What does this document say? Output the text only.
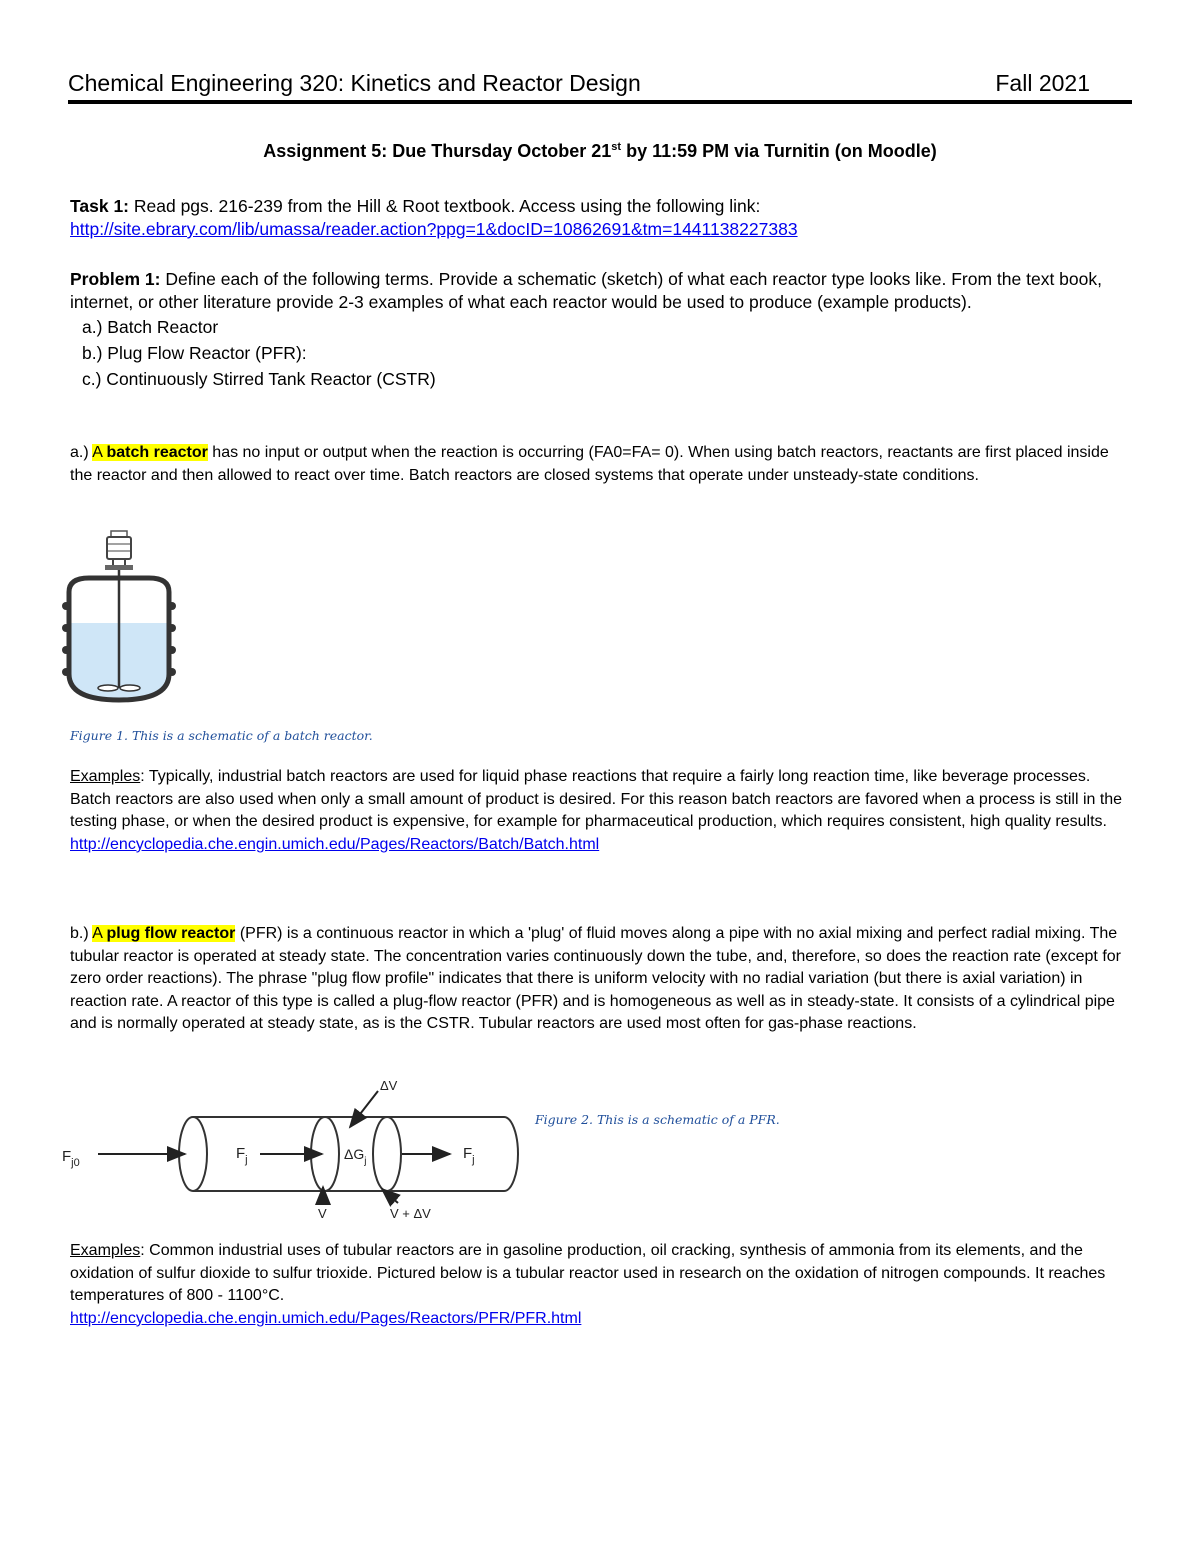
Chemical Engineering 320: Kinetics and Reactor Design	Fall 2021
Assignment 5: Due Thursday October 21st by 11:59 PM via Turnitin (on Moodle)
Task 1: Read pgs. 216-239 from the Hill & Root textbook. Access using the following link:
http://site.ebrary.com/lib/umassa/reader.action?ppg=1&docID=10862691&tm=1441138227383
Problem 1: Define each of the following terms. Provide a schematic (sketch) of what each reactor type looks like. From the text book, internet, or other literature provide 2-3 examples of what each reactor would be used to produce (example products).
a.) Batch Reactor
b.) Plug Flow Reactor (PFR):
c.) Continuously Stirred Tank Reactor (CSTR)
a.) A batch reactor has no input or output when the reaction is occurring (FA0=FA= 0). When using batch reactors, reactants are first placed inside the reactor and then allowed to react over time. Batch reactors are closed systems that operate under unsteady-state conditions.
Figure 1. This is a schematic of a batch reactor.
Examples: Typically, industrial batch reactors are used for liquid phase reactions that require a fairly long reaction time, like beverage processes. Batch reactors are also used when only a small amount of product is desired. For this reason batch reactors are favored when a process is still in the testing phase, or when the desired product is expensive, for example for pharmaceutical production, which requires consistent, high quality results.
http://encyclopedia.che.engin.umich.edu/Pages/Reactors/Batch/Batch.html
b.) A plug flow reactor (PFR) is a continuous reactor in which a 'plug' of fluid moves along a pipe with no axial mixing and perfect radial mixing. The tubular reactor is operated at steady state. The concentration varies continuously down the tube, and, therefore, so does the reaction rate (except for zero order reactions). The phrase "plug flow profile" indicates that there is uniform velocity with no radial variation (but there is axial variation) in reaction rate. A reactor of this type is called a plug-flow reactor (PFR) and is homogeneous as well as in steady-state. It consists of a cylindrical pipe and is normally operated at steady state, as is the CSTR. Tubular reactors are used most often for gas-phase reactions.
$F_{j0}$
$F_j$	$\Delta G_j$	$F_j$
ΔV
V	V + ΔV
Figure 2. This is a schematic of a PFR.
Examples: Common industrial uses of tubular reactors are in gasoline production, oil cracking, synthesis of ammonia from its elements, and the oxidation of sulfur dioxide to sulfur trioxide. Pictured below is a tubular reactor used in research on the oxidation of nitrogen compounds. It reaches temperatures of 800 - 1100°C.
http://encyclopedia.che.engin.umich.edu/Pages/Reactors/PFR/PFR.html
